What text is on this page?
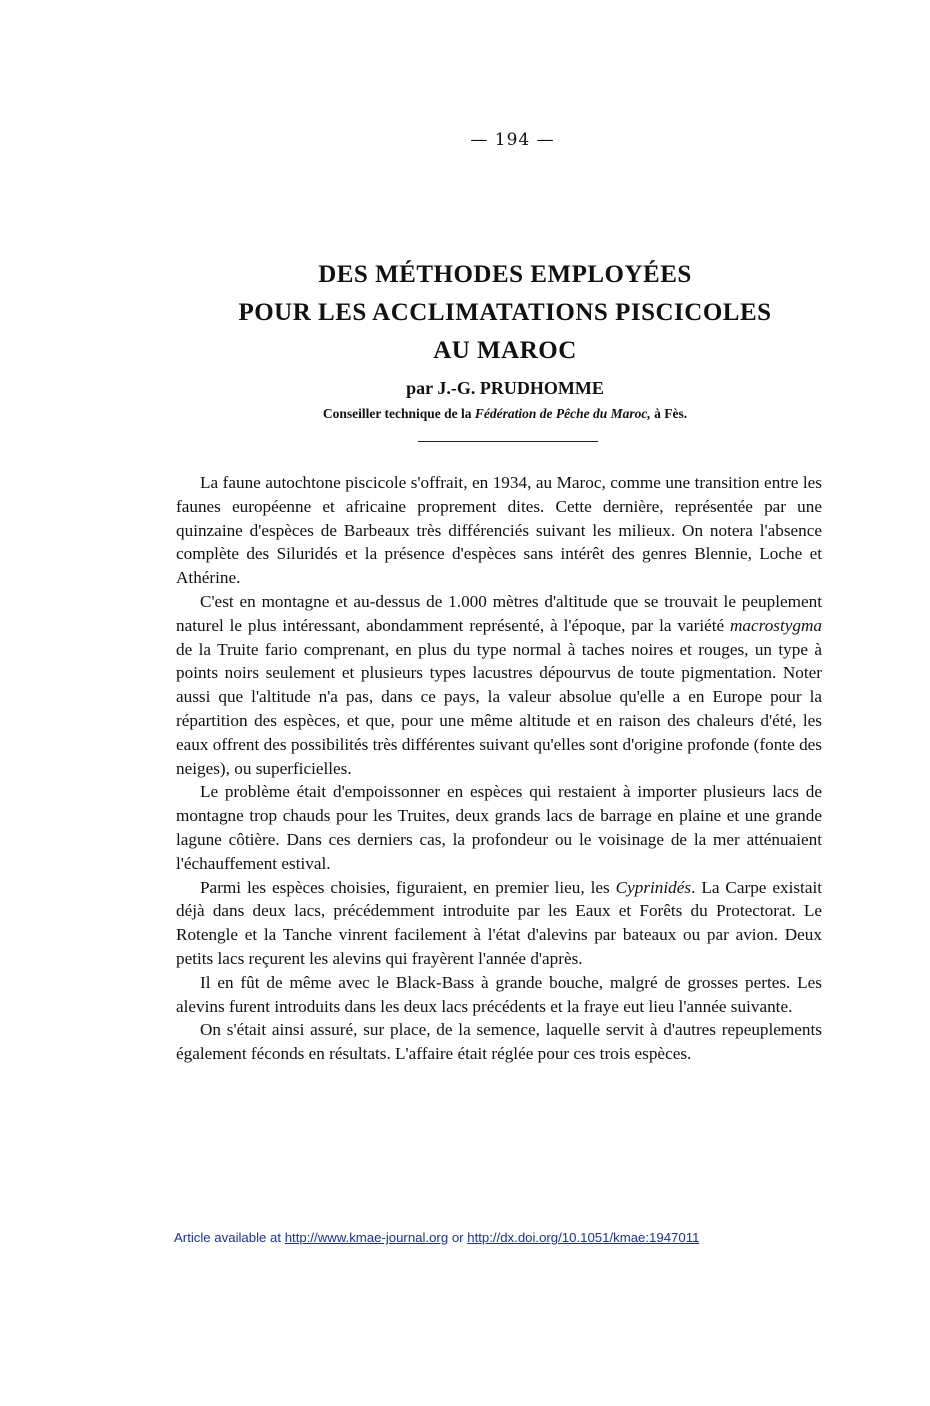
— 194 —
DES MÉTHODES EMPLOYÉES
POUR LES ACCLIMATATIONS PISCICOLES
AU MAROC
par J.-G. PRUDHOMME
Conseiller technique de la Fédération de Pêche du Maroc, à Fès.

La faune autochtone piscicole s'offrait, en 1934, au Maroc, comme une transition entre les faunes européenne et africaine proprement dites. Cette dernière, représentée par une quinzaine d'espèces de Barbeaux très différenciés suivant les milieux. On notera l'absence complète des Siluridés et la présence d'espèces sans intérêt des genres Blennie, Loche et Athérine.

C'est en montagne et au-dessus de 1.000 mètres d'altitude que se trouvait le peuplement naturel le plus intéressant, abondamment représenté, à l'époque, par la variété macrostygma de la Truite fario comprenant, en plus du type normal à taches noires et rouges, un type à points noirs seulement et plusieurs types lacustres dépourvus de toute pigmentation. Noter aussi que l'altitude n'a pas, dans ce pays, la valeur absolue qu'elle a en Europe pour la répartition des espèces, et que, pour une même altitude et en raison des chaleurs d'été, les eaux offrent des possibilités très différentes suivant qu'elles sont d'origine profonde (fonte des neiges), ou superficielles.

Le problème était d'empoissonner en espèces qui restaient à importer plusieurs lacs de montagne trop chauds pour les Truites, deux grands lacs de barrage en plaine et une grande lagune côtière. Dans ces derniers cas, la profondeur ou le voisinage de la mer atténuaient l'échauffement estival.

Parmi les espèces choisies, figuraient, en premier lieu, les Cyprinidés. La Carpe existait déjà dans deux lacs, précédemment introduite par les Eaux et Forêts du Protectorat. Le Rotengle et la Tanche vinrent facilement à l'état d'alevins par bateaux ou par avion. Deux petits lacs reçurent les alevins qui frayèrent l'année d'après.

Il en fût de même avec le Black-Bass à grande bouche, malgré de grosses pertes. Les alevins furent introduits dans les deux lacs précédents et la fraye eut lieu l'année suivante.

On s'était ainsi assuré, sur place, de la semence, laquelle servit à d'autres repeuplements également féconds en résultats. L'affaire était réglée pour ces trois espèces.

Article available at http://www.kmae-journal.org or http://dx.doi.org/10.1051/kmae:1947011
